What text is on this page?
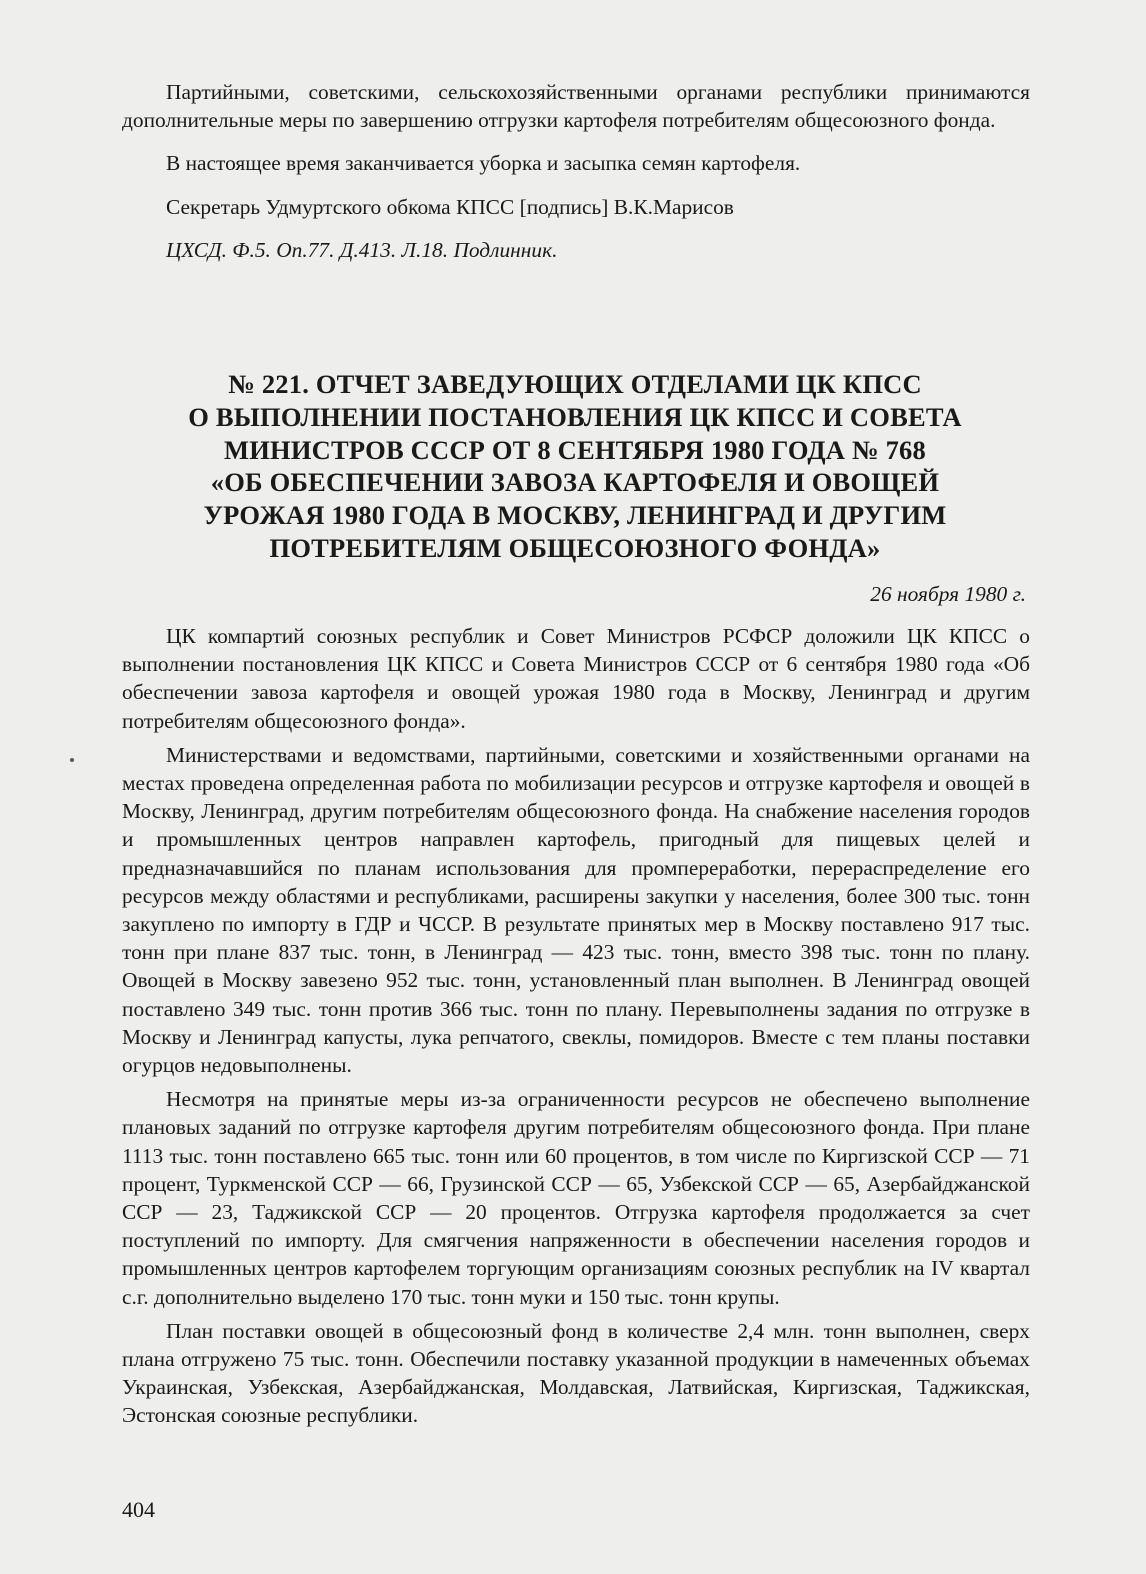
Партийными, советскими, сельскохозяйственными органами республики принимаются дополнительные меры по завершению отгрузки картофеля потребителям общесоюзного фонда.

В настоящее время заканчивается уборка и засыпка семян картофеля.

Секретарь Удмуртского обкома КПСС [подпись] В.К.Марисов

ЦХСД. Ф.5. Оп.77. Д.413. Л.18. Подлинник.

№ 221. ОТЧЕТ ЗАВЕДУЮЩИХ ОТДЕЛАМИ ЦК КПСС
О ВЫПОЛНЕНИИ ПОСТАНОВЛЕНИЯ ЦК КПСС И СОВЕТА
МИНИСТРОВ СССР ОТ 8 СЕНТЯБРЯ 1980 ГОДА № 768
«ОБ ОБЕСПЕЧЕНИИ ЗАВОЗА КАРТОФЕЛЯ И ОВОЩЕЙ
УРОЖАЯ 1980 ГОДА В МОСКВУ, ЛЕНИНГРАД И ДРУГИМ
ПОТРЕБИТЕЛЯМ ОБЩЕСОЮЗНОГО ФОНДА»
26 ноября 1980 г.

ЦК компартий союзных республик и Совет Министров РСФСР доложили ЦК КПСС о выполнении постановления ЦК КПСС и Совета Министров СССР от 6 сентября 1980 года «Об обеспечении завоза картофеля и овощей урожая 1980 года в Москву, Ленинград и другим потребителям общесоюзного фонда».

Министерствами и ведомствами, партийными, советскими и хозяйственными органами на местах проведена определенная работа по мобилизации ресурсов и отгрузке картофеля и овощей в Москву, Ленинград, другим потребителям общесоюзного фонда. На снабжение населения городов и промышленных центров направлен картофель, пригодный для пищевых целей и предназначавшийся по планам использования для промпереработки, перераспределение его ресурсов между областями и республиками, расширены закупки у населения, более 300 тыс. тонн закуплено по импорту в ГДР и ЧССР. В результате принятых мер в Москву поставлено 917 тыс. тонн при плане 837 тыс. тонн, в Ленинград — 423 тыс. тонн, вместо 398 тыс. тонн по плану. Овощей в Москву завезено 952 тыс. тонн, установленный план выполнен. В Ленинград овощей поставлено 349 тыс. тонн против 366 тыс. тонн по плану. Перевыполнены задания по отгрузке в Москву и Ленинград капусты, лука репчатого, свеклы, помидоров. Вместе с тем планы поставки огурцов недовыполнены.

Несмотря на принятые меры из-за ограниченности ресурсов не обеспечено выполнение плановых заданий по отгрузке картофеля другим потребителям общесоюзного фонда. При плане 1113 тыс. тонн поставлено 665 тыс. тонн или 60 процентов, в том числе по Киргизской ССР — 71 процент, Туркменской ССР — 66, Грузинской ССР — 65, Узбекской ССР — 65, Азербайджанской ССР — 23, Таджикской ССР — 20 процентов. Отгрузка картофеля продолжается за счет поступлений по импорту. Для смягчения напряженности в обеспечении населения городов и промышленных центров картофелем торгующим организациям союзных республик на IV квартал с.г. дополнительно выделено 170 тыс. тонн муки и 150 тыс. тонн крупы.

План поставки овощей в общесоюзный фонд в количестве 2,4 млн. тонн выполнен, сверх плана отгружено 75 тыс. тонн. Обеспечили поставку указанной продукции в намеченных объемах Украинская, Узбекская, Азербайджанская, Молдавская, Латвийская, Киргизская, Таджикская, Эстонская союзные республики.

404
